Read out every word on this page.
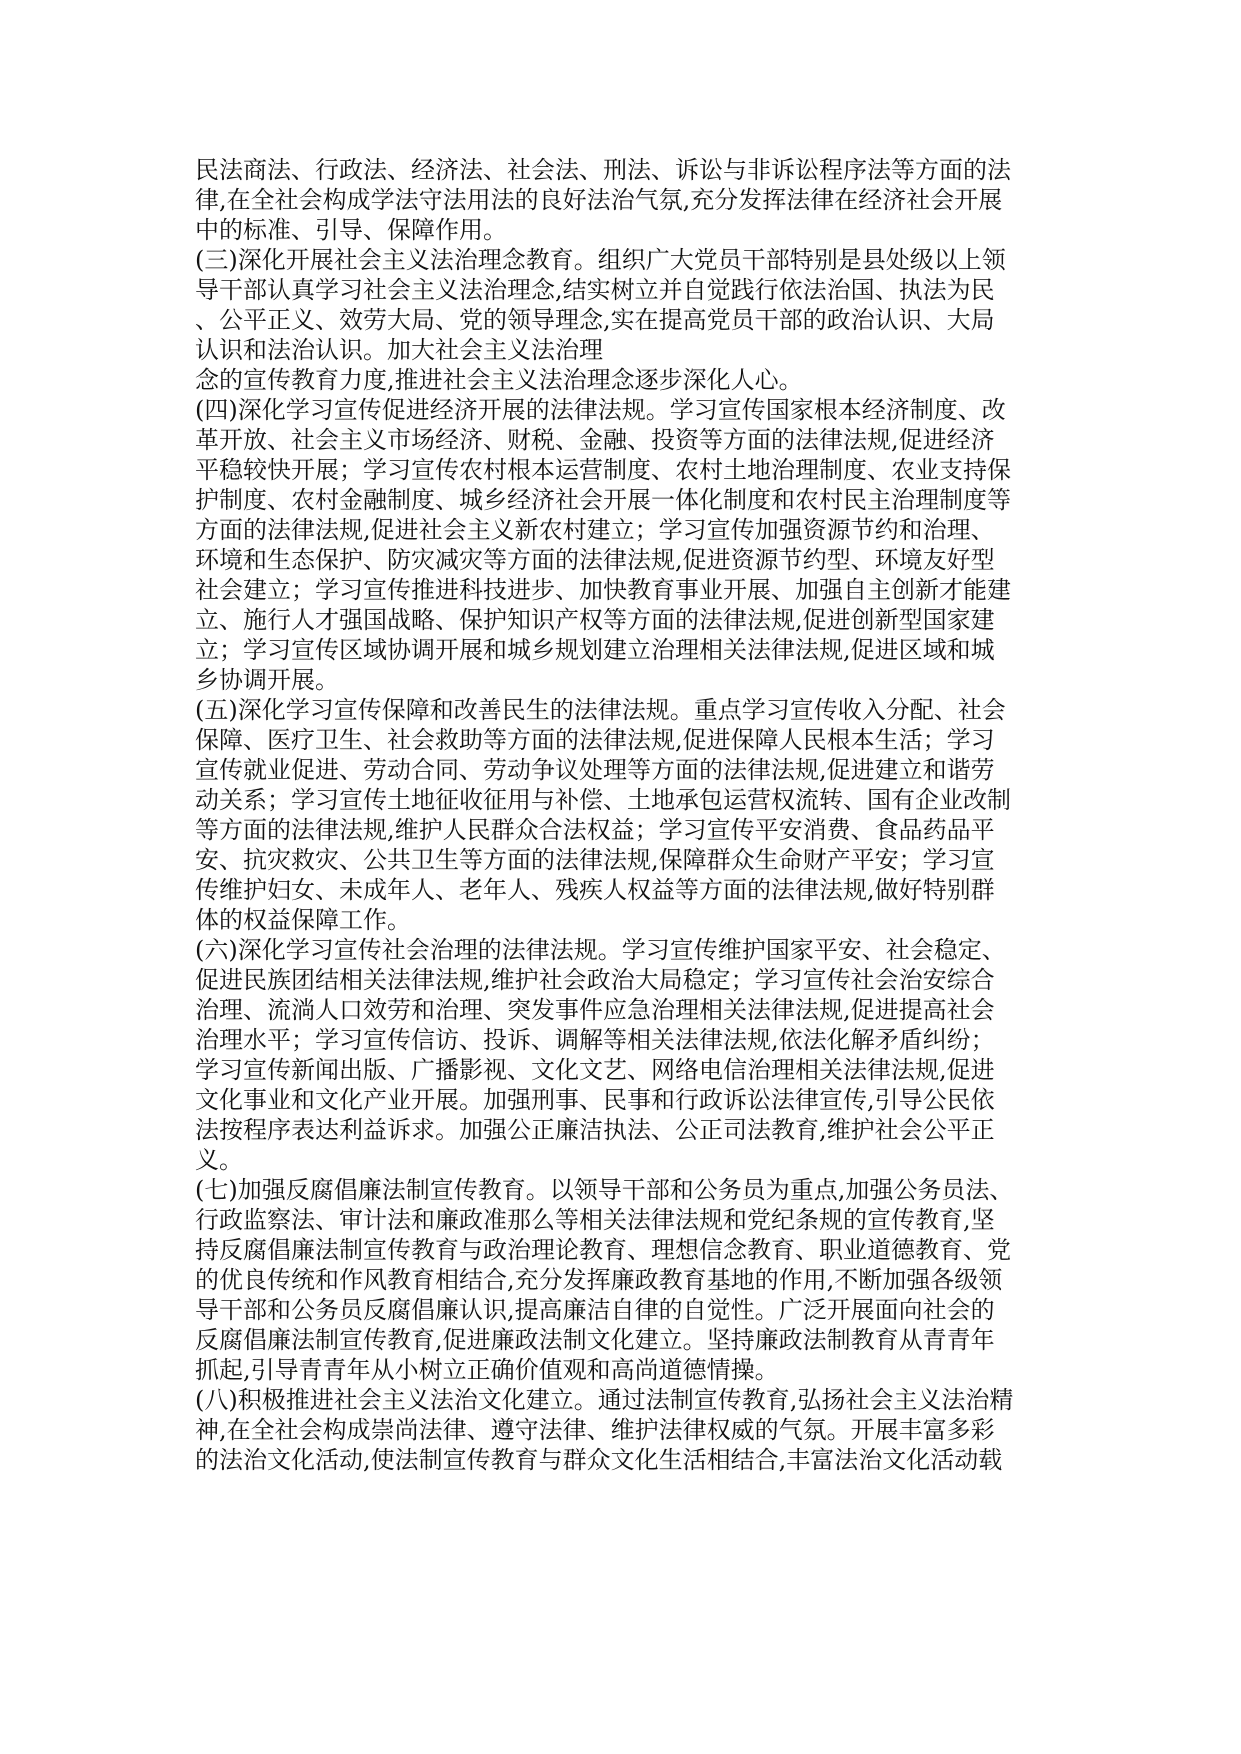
民法商法、行政法、经济法、社会法、刑法、诉讼与非诉讼程序法等方面的法
律,在全社会构成学法守法用法的良好法治气氛,充分发挥法律在经济社会开展
中的标准、引导、保障作用。
(三)深化开展社会主义法治理念教育。组织广大党员干部特别是县处级以上领
导干部认真学习社会主义法治理念,结实树立并自觉践行依法治国、执法为民
、公平正义、效劳大局、党的领导理念,实在提高党员干部的政治认识、大局
认识和法治认识。加大社会主义法治理
念的宣传教育力度,推进社会主义法治理念逐步深化人心。
(四)深化学习宣传促进经济开展的法律法规。学习宣传国家根本经济制度、改
革开放、社会主义市场经济、财税、金融、投资等方面的法律法规,促进经济
平稳较快开展；学习宣传农村根本运营制度、农村土地治理制度、农业支持保
护制度、农村金融制度、城乡经济社会开展一体化制度和农村民主治理制度等
方面的法律法规,促进社会主义新农村建立；学习宣传加强资源节约和治理、
环境和生态保护、防灾减灾等方面的法律法规,促进资源节约型、环境友好型
社会建立；学习宣传推进科技进步、加快教育事业开展、加强自主创新才能建
立、施行人才强国战略、保护知识产权等方面的法律法规,促进创新型国家建
立；学习宣传区域协调开展和城乡规划建立治理相关法律法规,促进区域和城
乡协调开展。
(五)深化学习宣传保障和改善民生的法律法规。重点学习宣传收入分配、社会
保障、医疗卫生、社会救助等方面的法律法规,促进保障人民根本生活；学习
宣传就业促进、劳动合同、劳动争议处理等方面的法律法规,促进建立和谐劳
动关系；学习宣传土地征收征用与补偿、土地承包运营权流转、国有企业改制
等方面的法律法规,维护人民群众合法权益；学习宣传平安消费、食品药品平
安、抗灾救灾、公共卫生等方面的法律法规,保障群众生命财产平安；学习宣
传维护妇女、未成年人、老年人、残疾人权益等方面的法律法规,做好特别群
体的权益保障工作。
(六)深化学习宣传社会治理的法律法规。学习宣传维护国家平安、社会稳定、
促进民族团结相关法律法规,维护社会政治大局稳定；学习宣传社会治安综合
治理、流淌人口效劳和治理、突发事件应急治理相关法律法规,促进提高社会
治理水平；学习宣传信访、投诉、调解等相关法律法规,依法化解矛盾纠纷；
学习宣传新闻出版、广播影视、文化文艺、网络电信治理相关法律法规,促进
文化事业和文化产业开展。加强刑事、民事和行政诉讼法律宣传,引导公民依
法按程序表达利益诉求。加强公正廉洁执法、公正司法教育,维护社会公平正
义。
(七)加强反腐倡廉法制宣传教育。以领导干部和公务员为重点,加强公务员法、
行政监察法、审计法和廉政准那么等相关法律法规和党纪条规的宣传教育,坚
持反腐倡廉法制宣传教育与政治理论教育、理想信念教育、职业道德教育、党
的优良传统和作风教育相结合,充分发挥廉政教育基地的作用,不断加强各级领
导干部和公务员反腐倡廉认识,提高廉洁自律的自觉性。广泛开展面向社会的
反腐倡廉法制宣传教育,促进廉政法制文化建立。坚持廉政法制教育从青青年
抓起,引导青青年从小树立正确价值观和高尚道德情操。
(八)积极推进社会主义法治文化建立。通过法制宣传教育,弘扬社会主义法治精
神,在全社会构成崇尚法律、遵守法律、维护法律权威的气氛。开展丰富多彩
的法治文化活动,使法制宣传教育与群众文化生活相结合,丰富法治文化活动载
